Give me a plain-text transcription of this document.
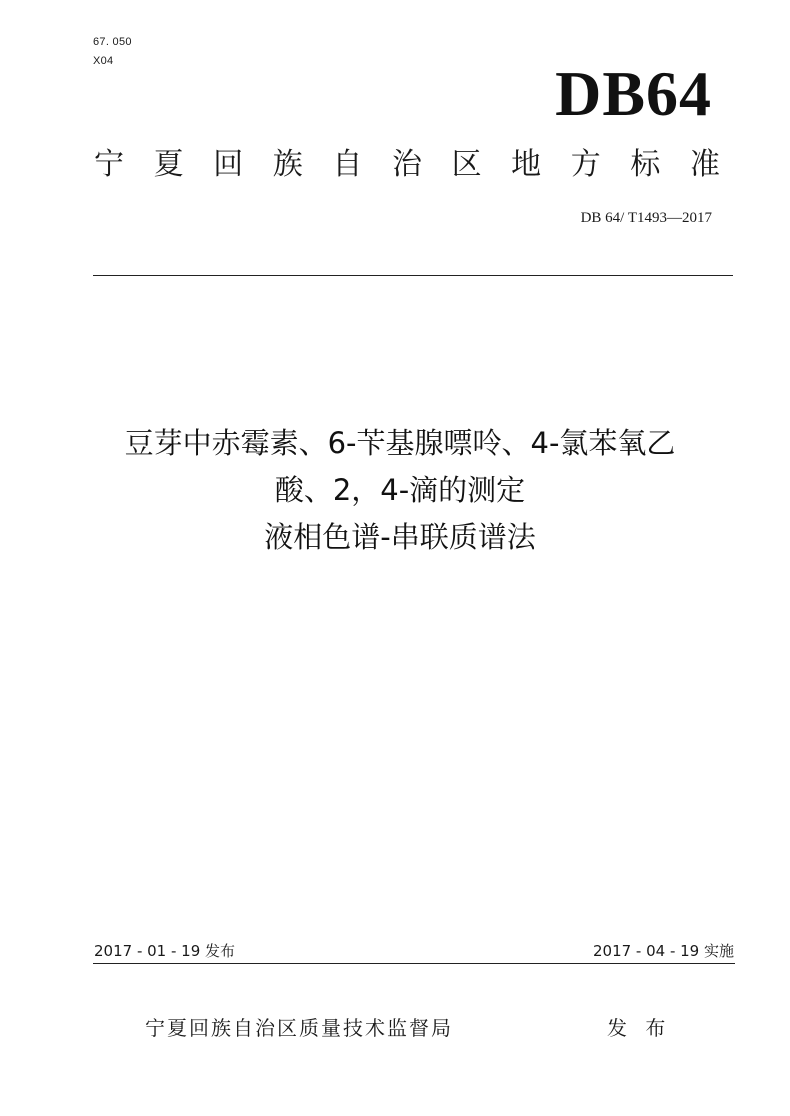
67. 050
X04	DB64
宁 夏 回 族 自 治 区 地 方 标 准
DB 64/ T1493—2017
豆芽中赤霉素、6-苄基腺嘌呤、4-氯苯氧乙
酸、2，4-滴的测定
液相色谱-串联质谱法
2017 - 01 - 19 发布	2017 - 04 - 19 实施
宁夏回族自治区质量技术监督局	发 布
